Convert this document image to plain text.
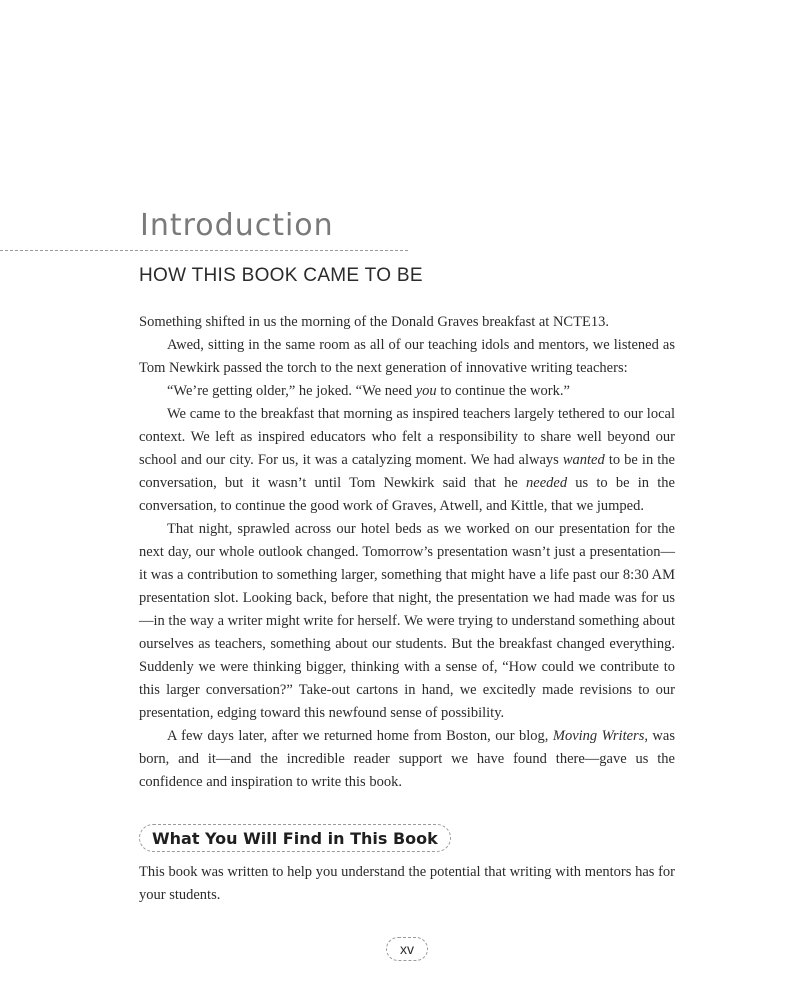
Introduction
HOW THIS BOOK CAME TO BE

Something shifted in us the morning of the Donald Graves breakfast at NCTE13.

Awed, sitting in the same room as all of our teaching idols and mentors, we listened as Tom Newkirk passed the torch to the next generation of innovative writing teachers:

“We’re getting older,” he joked. “We need you to continue the work.”

We came to the breakfast that morning as inspired teachers largely tethered to our local context. We left as inspired educators who felt a responsibility to share well beyond our school and our city. For us, it was a catalyzing moment. We had always wanted to be in the conversation, but it wasn’t until Tom Newkirk said that he needed us to be in the conversation, to continue the good work of Graves, Atwell, and Kittle, that we jumped.

That night, sprawled across our hotel beds as we worked on our presentation for the next day, our whole outlook changed. Tomorrow’s presentation wasn’t just a presentation—it was a contribution to something larger, something that might have a life past our 8:30 AM presentation slot. Looking back, before that night, the presentation we had made was for us—in the way a writer might write for herself. We were trying to understand something about ourselves as teachers, something about our students. But the breakfast changed everything. Suddenly we were thinking bigger, thinking with a sense of, “How could we contribute to this larger conversation?” Take-out cartons in hand, we excitedly made revisions to our presentation, edging toward this newfound sense of possibility.

A few days later, after we returned home from Boston, our blog, Moving Writers, was born, and it—and the incredible reader support we have found there—gave us the confidence and inspiration to write this book.

What You Will Find in This Book

This book was written to help you understand the potential that writing with mentors has for your students.

xv
